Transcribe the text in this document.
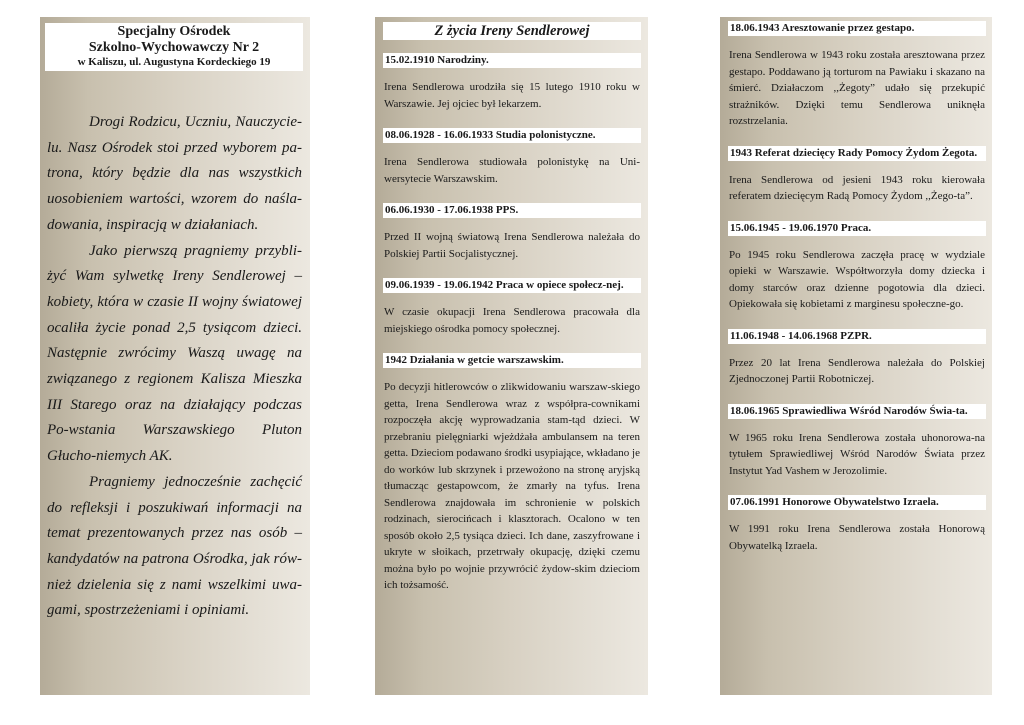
Specjalny Ośrodek
Szkolno-Wychowawczy Nr 2
w Kaliszu, ul. Augustyna Kordeckiego 19

Drogi Rodzicu, Uczniu, Nauczycie-lu. Nasz Ośrodek stoi przed wyborem pa-trona, który będzie dla nas wszystkich uosobieniem wartości, wzorem do naśla-dowania, inspiracją w działaniach.

Jako pierwszą pragniemy przybli-żyć Wam sylwetkę Ireny Sendlerowej – kobiety, która w czasie II wojny światowej ocaliła życie ponad 2,5 tysiącom dzieci. Następnie zwrócimy Waszą uwagę na związanego z regionem Kalisza Mieszka III Starego oraz na działający podczas Po-wstania Warszawskiego Pluton Głucho-niemych AK.

Pragniemy jednocześnie zachęcić do refleksji i poszukiwań informacji na temat prezentowanych przez nas osób – kandydatów na patrona Ośrodka, jak rów-nież dzielenia się z nami wszelkimi uwa-gami, spostrzeżeniami i opiniami.

Z życia Ireny Sendlerowej
15.02.1910 Narodziny.
Irena Sendlerowa urodziła się 15 lutego 1910 roku w Warszawie. Jej ojciec był lekarzem.
08.06.1928 - 16.06.1933 Studia polonistyczne.
Irena Sendlerowa studiowała polonistykę na Uni-wersytecie Warszawskim.
06.06.1930 - 17.06.1938 PPS.
Przed II wojną światową Irena Sendlerowa należała do Polskiej Partii Socjalistycznej.
09.06.1939 - 19.06.1942 Praca w opiece społecz-nej.
W czasie okupacji Irena Sendlerowa pracowała dla miejskiego ośrodka pomocy społecznej.
1942 Działania w getcie warszawskim.
Po decyzji hitlerowców o zlikwidowaniu warszaw-skiego getta, Irena Sendlerowa wraz z współpra-cownikami rozpoczęła akcję wyprowadzania stam-tąd dzieci. W przebraniu pielęgniarki wjeżdżała ambulansem na teren getta. Dzieciom podawano środki usypiające, wkładano je do worków lub skrzynek i przewożono na stronę aryjską tłumacząc gestapowcom, że zmarły na tyfus. Irena Sendlerowa znajdowała im schronienie w polskich rodzinach, sierocińcach i klasztorach. Ocalono w ten sposób około 2,5 tysiąca dzieci. Ich dane, zaszyfrowane i ukryte w słoikach, przetrwały okupację, dzięki czemu można było po wojnie przywrócić żydow-skim dzieciom ich tożsamość.
18.06.1943 Aresztowanie przez gestapo.
Irena Sendlerowa w 1943 roku została aresztowana przez gestapo. Poddawano ją torturom na Pawiaku i skazano na śmierć. Działaczom ,,Żegoty” udało się przekupić strażników. Dzięki temu Sendlerowa uniknęła rozstrzelania.
1943 Referat dziecięcy Rady Pomocy Żydom Żegota.
Irena Sendlerowa od jesieni 1943 roku kierowała referatem dziecięcym Radą Pomocy Żydom ,,Żego-ta”.
15.06.1945 - 19.06.1970 Praca.
Po 1945 roku Sendlerowa zaczęła pracę w wydziale opieki w Warszawie. Współtworzyła domy dziecka i domy starców oraz dzienne pogotowia dla dzieci. Opiekowała się kobietami z marginesu społeczne-go.
11.06.1948 - 14.06.1968 PZPR.
Przez 20 lat Irena Sendlerowa należała do Polskiej Zjednoczonej Partii Robotniczej.
18.06.1965 Sprawiedliwa Wśród Narodów Świa-ta.
W 1965 roku Irena Sendlerowa została uhonorowa-na tytułem Sprawiedliwej Wśród Narodów Świata przez Instytut Yad Vashem w Jerozolimie.
07.06.1991 Honorowe Obywatelstwo Izraela.
W 1991 roku Irena Sendlerowa została Honorową Obywatelką Izraela.
